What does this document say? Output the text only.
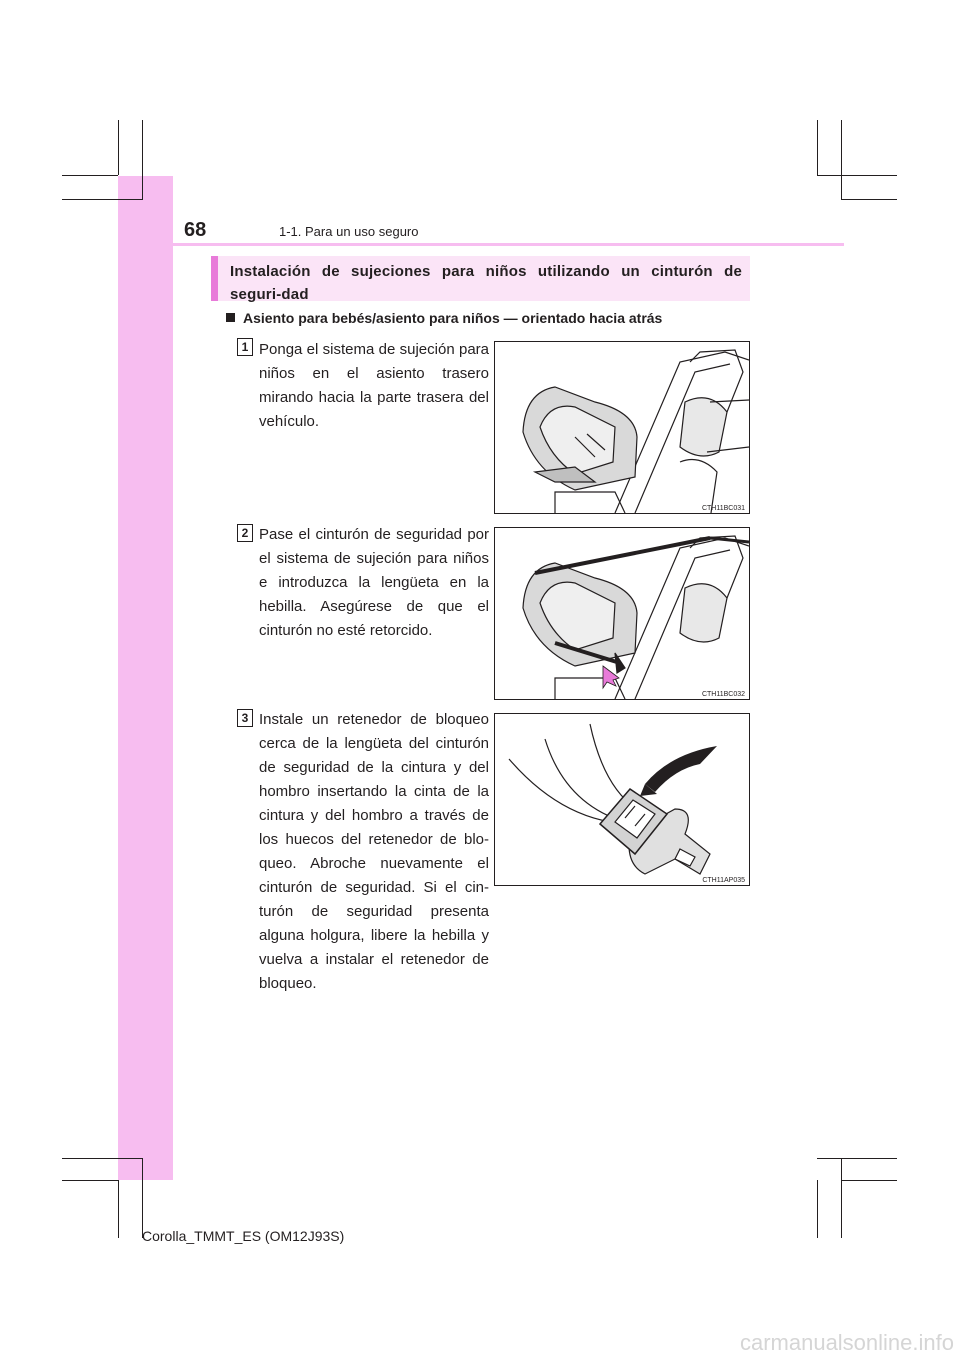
68	1-1. Para un uso seguro
Instalación de sujeciones para niños utilizando un cinturón de seguri-dad
Asiento para bebés/asiento para niños — orientado hacia atrás
1 Ponga el sistema de sujeción para niños en el asiento trasero mirando hacia la parte trasera del vehículo.
CTH11BC031
2 Pase el cinturón de seguridad por el sistema de sujeción para niños e introduzca la lengüeta en la hebilla. Asegúrese de que el cinturón no esté retorcido.
CTH11BC032
3 Instale un retenedor de bloqueo cerca de la lengüeta del cinturón de seguridad de la cintura y del hombro insertando la cinta de la cintura y del hombro a través de los huecos del retenedor de blo-queo. Abroche nuevamente el cinturón de seguridad. Si el cin-turón de seguridad presenta alguna holgura, libere la hebilla y vuelva a instalar el retenedor de bloqueo.
CTH11AP035
Corolla_TMMT_ES (OM12J93S)
carmanualsonline.info
